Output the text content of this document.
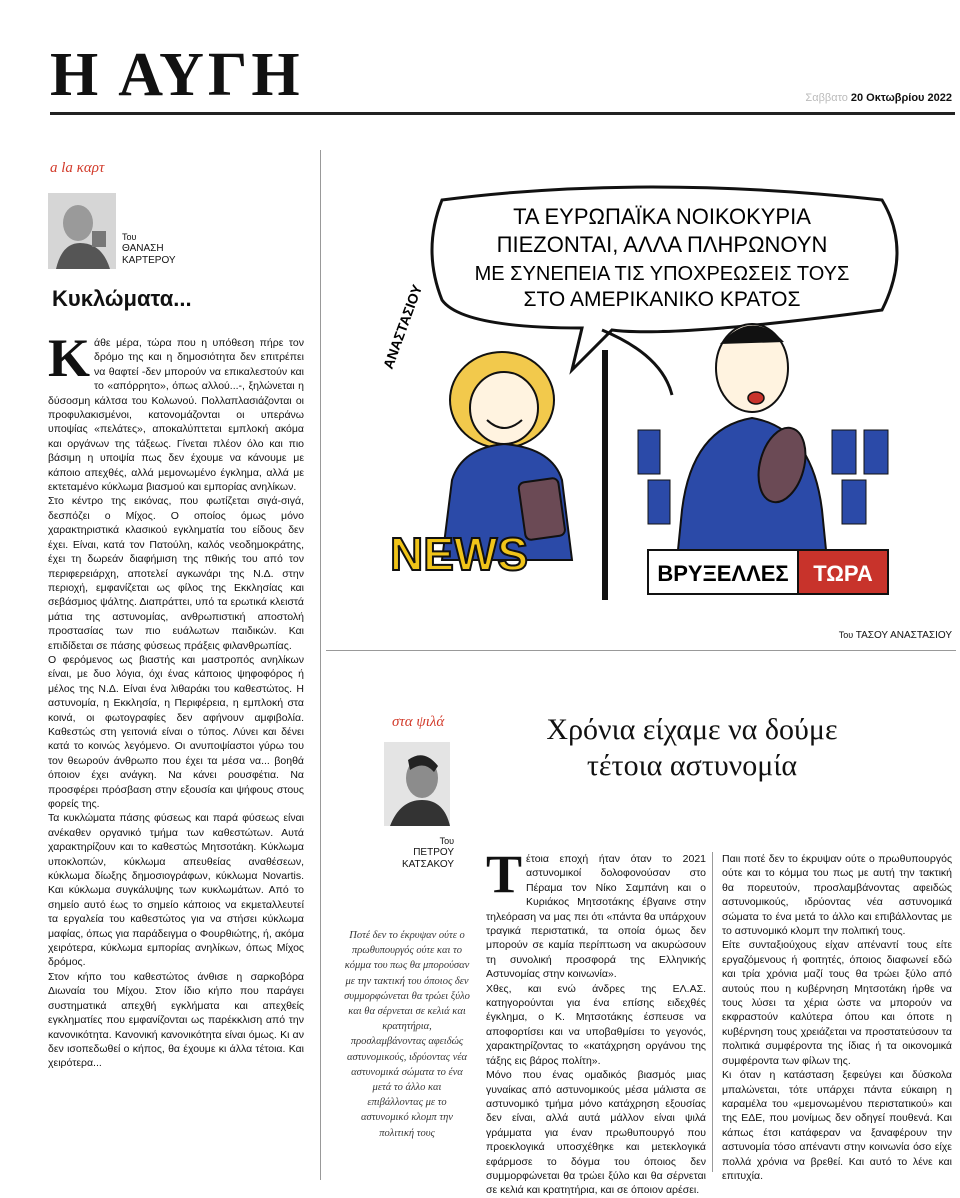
Η ΑΥΓΗ	Σαββατο 20 Οκτωβρίου 2022
a la καρτ
Του
ΘΑΝΑΣΗ
ΚΑΡΤΕΡΟΥ
Κυκλώματα...
Κ άθε μέρα, τώρα που η υπόθεση πήρε τον δρόμο της και η δημοσιότητα δεν επιτρέπει να θαφτεί -δεν μπορούν να επικαλεστούν και το «απόρρητο», όπως αλλού...-, ξηλώνεται η δύσοσμη κάλτσα του Κολωνού. Πολλαπλασιάζονται οι προφυλακισμένοι, κατονομάζονται οι υπεράνω υποψίας «πελάτες», αποκαλύπτεται εμπλοκή ακόμα και οργάνων της τάξεως. Γίνεται πλέον όλο και πιο βάσιμη η υποψία πως δεν έχουμε να κάνουμε με κάποιο απεχθές, αλλά μεμονωμένο έγκλημα, αλλά με εκτεταμένο κύκλωμα βιασμού και εμπορίας ανηλίκων.

Στο κέντρο της εικόνας, που φωτίζεται σιγά-σιγά, δεσπόζει ο Μίχος. Ο οποίος όμως μόνο χαρακτηριστικά κλασικού εγκληματία του είδους δεν έχει. Είναι, κατά τον Πατούλη, καλός νεοδημοκράτης, έχει τη δωρεάν διαφήμιση της πθικής του από τον περιφερειάρχη, αποτελεί αγκωνάρι της Ν.Δ. στην περιοχή, εμφανίζεται ως φίλος της Εκκλησίας και σεβάσμιος ψάλτης. Διαπράττει, υπό τα ερωτικά κλειστά μάτια της αστυνομίας, ανθρωπιστική αποστολή προστασίας των πιο ευάλωτων παιδικών. Και επιδίδεται σε πάσης φύσεως πράξεις φιλανθρωπίας.

Ο φερόμενος ως βιαστής και μαστροπός ανηλίκων είναι, με δυο λόγια, όχι ένας κάποιος ψηφοφόρος ή μέλος της Ν.Δ. Είναι ένα λιθαράκι του καθεστώτος. Η αστυνομία, η Εκκλησία, η Περιφέρεια, η εμπλοκή στα κοινά, οι φωτογραφίες δεν αφήνουν αμφιβολία. Καθεστώς στη γειτονιά είναι ο τύπος. Λύνει και δένει κατά το κοινώς λεγόμενο. Οι ανυποψίαστοι γύρω του τον θεωρούν άνθρωπο που έχει τα μέσα να... βοηθά όποιον έχει ανάγκη. Να κάνει ρουσφέτια. Να προσφέρει πρόσβαση στην εξουσία και ψήφους στους φορείς της.

Τα κυκλώματα πάσης φύσεως και παρά φύσεως είναι ανέκαθεν οργανικό τμήμα των καθεστώτων. Αυτά χαρακτηρίζουν και το καθεστώς Μητσοτάκη. Κύκλωμα υποκλοπών, κύκλωμα απευθείας αναθέσεων, κύκλωμα δίωξης δημοσιογράφων, κύκλωμα Novartis. Και κύκλωμα συγκάλυψης των κυκλωμάτων. Από το σημείο αυτό έως το σημείο κάποιος να εκμεταλλευτεί τα εργαλεία του καθεστώτος για να στήσει κύκλωμα μαφίας, όπως για παράδειγμα ο Φουρθιώτης, ή, ακόμα χειρότερα, κύκλωμα εμπορίας ανηλίκων, όπως Μίχος δρόμος.

Στον κήπο του καθεστώτος άνθισε η σαρκοβόρα Διωναία του Μίχου. Στον ίδιο κήπο που παράγει συστηματικά απεχθή εγκλήματα και απεχθείς εγκληματίες που εμφανίζονται ως παρέκκλιση από την κανονικότητα. Κανονική κανονικότητα είναι όμως. Κι αν δεν ισοπεδωθεί ο κήπος, θα έχουμε κι άλλα τέτοια. Και χειρότερα...

ΤΑ ΕΥΡΩΠΑΪΚΑ ΝΟΙΚΟΚΥΡΙΑ
ΠΙΕΖΟΝΤΑΙ, ΑΛΛΑ ΠΛΗΡΩΝΟΥΝ
ΜΕ ΣΥΝΕΠΕΙΑ ΤΙΣ ΥΠΟΧΡΕΩΣΕΙΣ ΤΟΥΣ
ΣΤΟ ΑΜΕΡΙΚΑΝΙΚΟ ΚΡΑΤΟΣ
ΑΝΑΣΤΑΣΙΟΥ
NEWS	ΒΡΥΞΕΛΛΕΣ ΤΩΡΑ
Του ΤΑΣΟΥ ΑΝΑΣΤΑΣΙΟΥ
στα ψιλά	Χρόνια είχαμε να δούμε
τέτοια αστυνομία
Του
ΠΕΤΡΟΥ
ΚΑΤΣΑΚΟΥ
Ποτέ δεν το έκρυψαν ούτε ο πρωθυπουργός ούτε και το κόμμα του πως θα μπορούσαν με την τακτική του όποιος δεν συμμορφώνεται θα τρώει ξύλο και θα σέρνεται σε κελιά και κρατητήρια, προσλαμβάνοντας αφειδώς αστυνομικούς, ιδρύοντας νέα αστυνομικά σώματα το ένα μετά το άλλο και επιβάλλοντας με το αστυνομικό κλομπ την πολιτική τους
Τ έτοια εποχή ήταν όταν το 2021 αστυνομικοί δολοφονούσαν στο Πέραμα τον Νίκο Σαμπάνη και ο Κυριάκος Μητσοτάκης έβγαινε στην τηλεόραση να μας πει ότι «πάντα θα υπάρχουν τραγικά περιστατικά, τα οποία όμως δεν μπορούν σε καμία περίπτωση να ακυρώσουν τη συνολική προσφορά της Ελληνικής Αστυνομίας στην κοινωνία».

Χθες, και ενώ άνδρες της ΕΛ.ΑΣ. κατηγορούνται για ένα επίσης ειδεχθές έγκλημα, ο Κ. Μητσοτάκης έσπευσε να αποφορτίσει και να υποβαθμίσει το γεγονός, χαρακτηρίζοντας το «κατάχρηση οργάνου της τάξης εις βάρος πολίτη».

Μόνο που ένας ομαδικός βιασμός μιας γυναίκας από αστυνομικούς μέσα μάλιστα σε αστυνομικό τμήμα μόνο κατάχρηση εξουσίας δεν είναι, αλλά αυτά μάλλον είναι ψιλά γράμματα για έναν πρωθυπουργό που προεκλογικά υποσχέθηκε και μετεκλογικά εφάρμοσε το δόγμα του όποιος δεν συμμορφώνεται θα τρώει ξύλο και θα σέρνεται σε κελιά και κρατητήρια, και σε όποιον αρέσει.

Παιι ποτέ δεν το έκρυψαν ούτε ο πρωθυπουργός ούτε και το κόμμα του πως με αυτή την τακτική θα πορευτούν, προσλαμβάνοντας αφειδώς αστυνομικούς, ιδρύοντας νέα αστυνομικά σώματα το ένα μετά το άλλο και επιβάλλοντας με το αστυνομικό κλομπ την πολιτική τους.

Είτε συνταξιούχους είχαν απέναντί τους είτε εργαζόμενους ή φοιτητές, όποιος διαφωνεί εδώ και τρία χρόνια μαζί τους θα τρώει ξύλο από αυτούς που η κυβέρνηση Μητσοτάκη ήρθε να τους λύσει τα χέρια ώστε να μπορούν να εκφραστούν καλύτερα όπου και όποτε η κυβέρνηση τους χρειάζεται να προστατεύσουν τα πολιτικά συμφέροντα της ίδιας ή τα οικονομικά συμφέροντα των φίλων της.

Κι όταν η κατάσταση ξεφεύγει και δύσκολα μπαλώνεται, τότε υπάρχει πάντα εύκαιρη η καραμέλα του «μεμονωμένου περιστατικού» και της ΕΔΕ, που μονίμως δεν οδηγεί πουθενά. Και κάπως έτσι κατάφεραν να ξαναφέρουν την αστυνομία τόσο απέναντι στην κοινωνία όσο είχε πολλά χρόνια να βρεθεί. Και αυτό το λένε και επιτυχία.
